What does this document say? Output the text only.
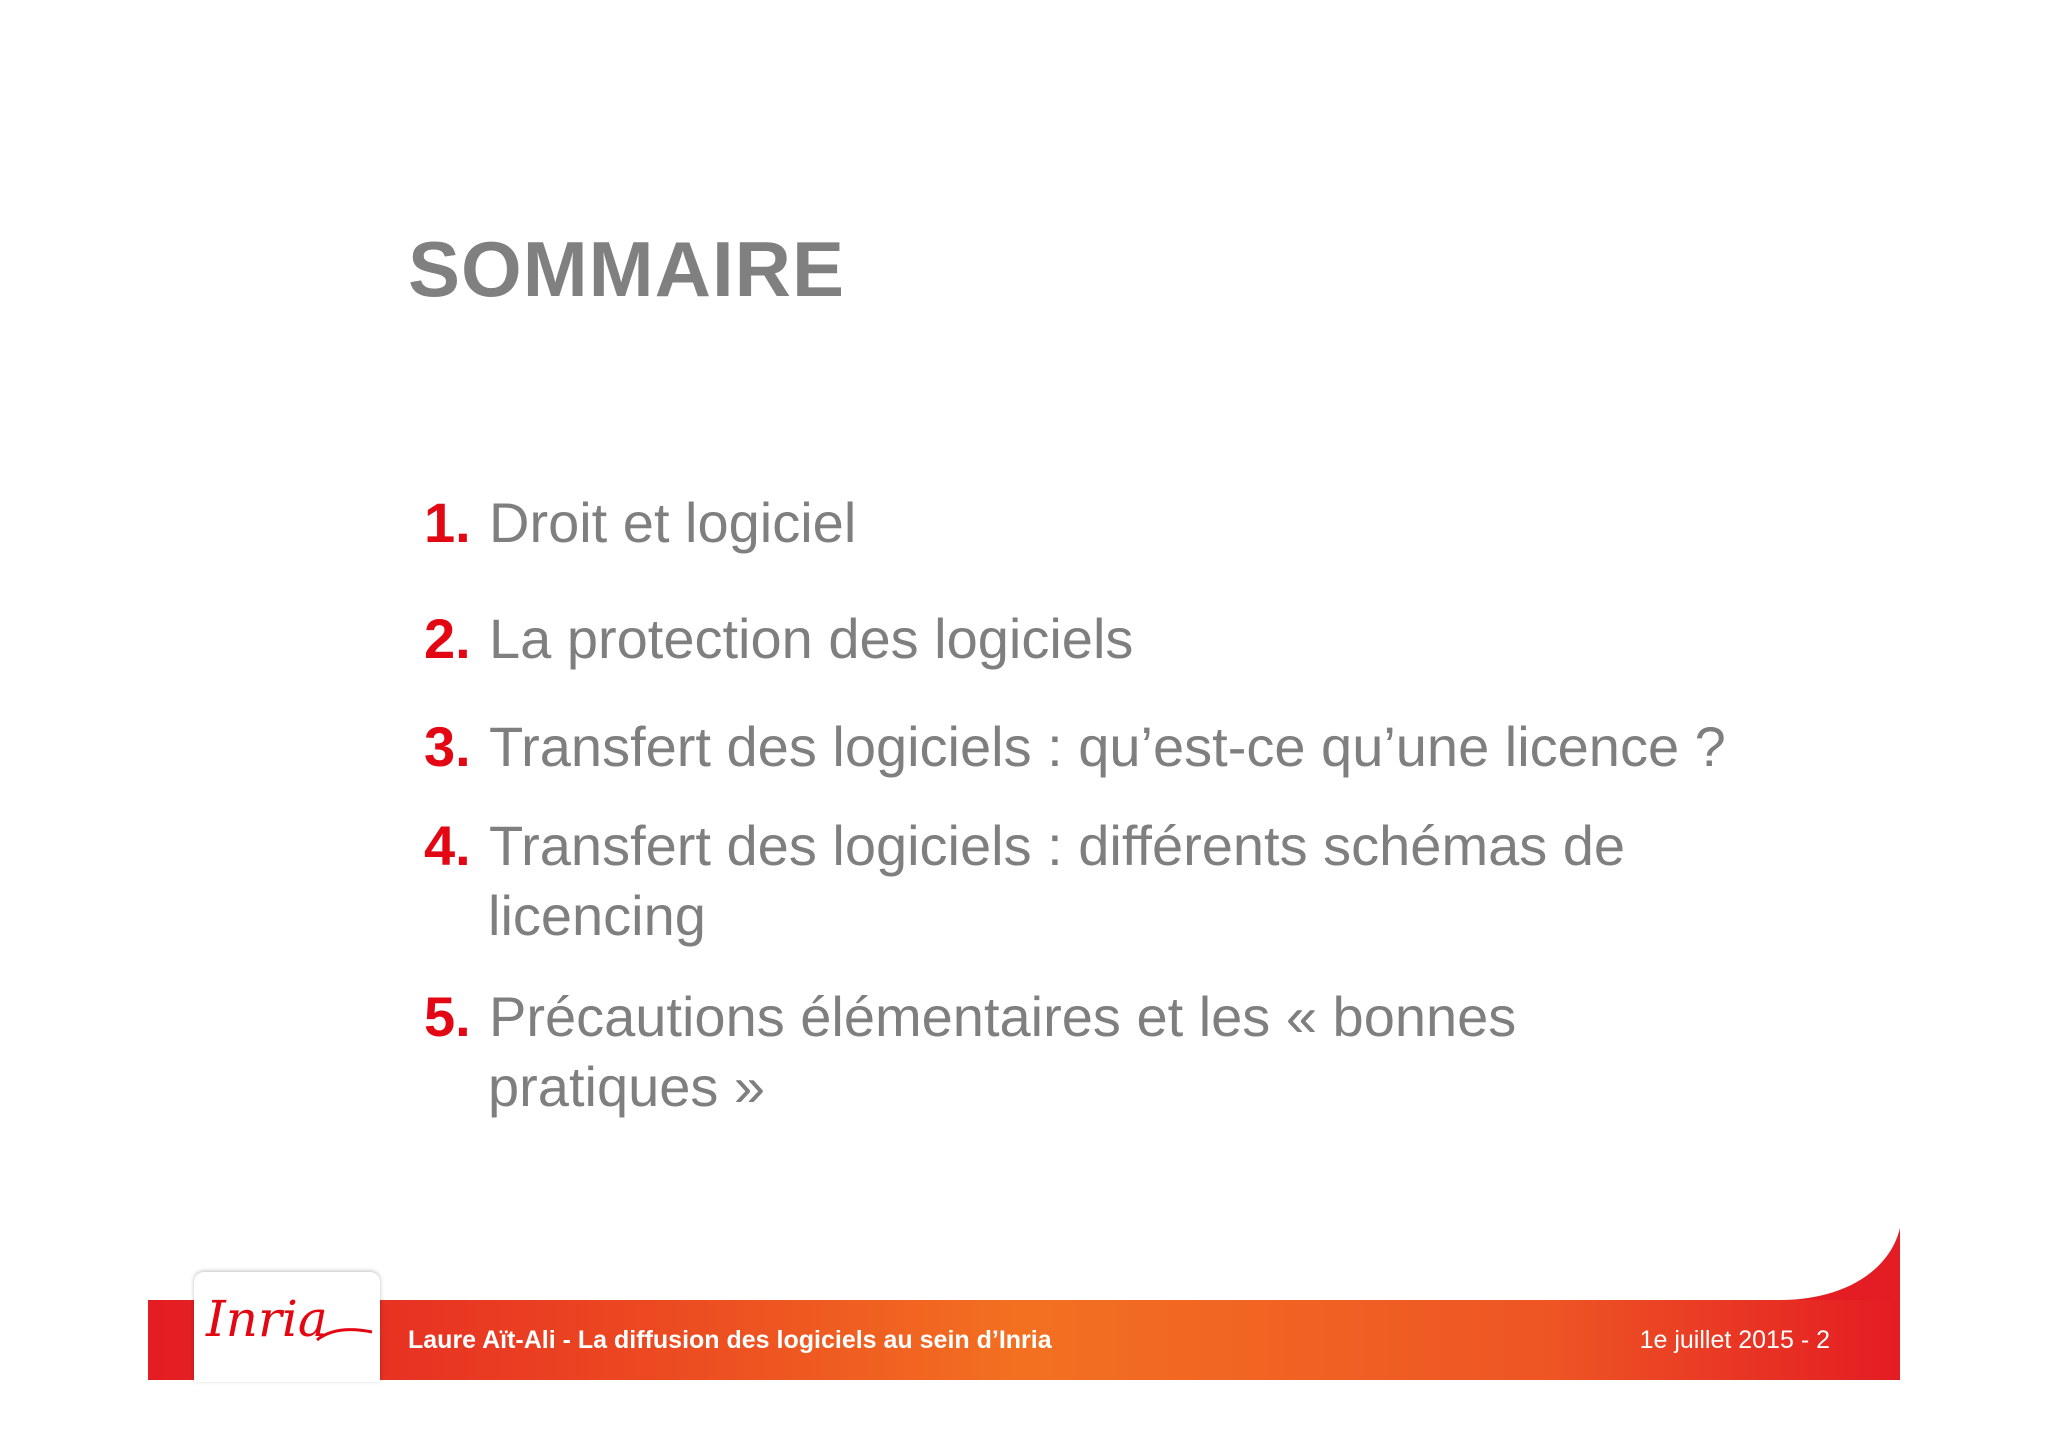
SOMMAIRE
1. Droit et logiciel
2. La protection des logiciels
3. Transfert des logiciels : qu’est-ce qu’une licence ?
4. Transfert des logiciels : différents schémas de
licencing
5. Précautions élémentaires et les « bonnes
pratiques »
Inria	Laure Aït-Ali - La diffusion des logiciels au sein d’Inria	1e juillet 2015 - 2
